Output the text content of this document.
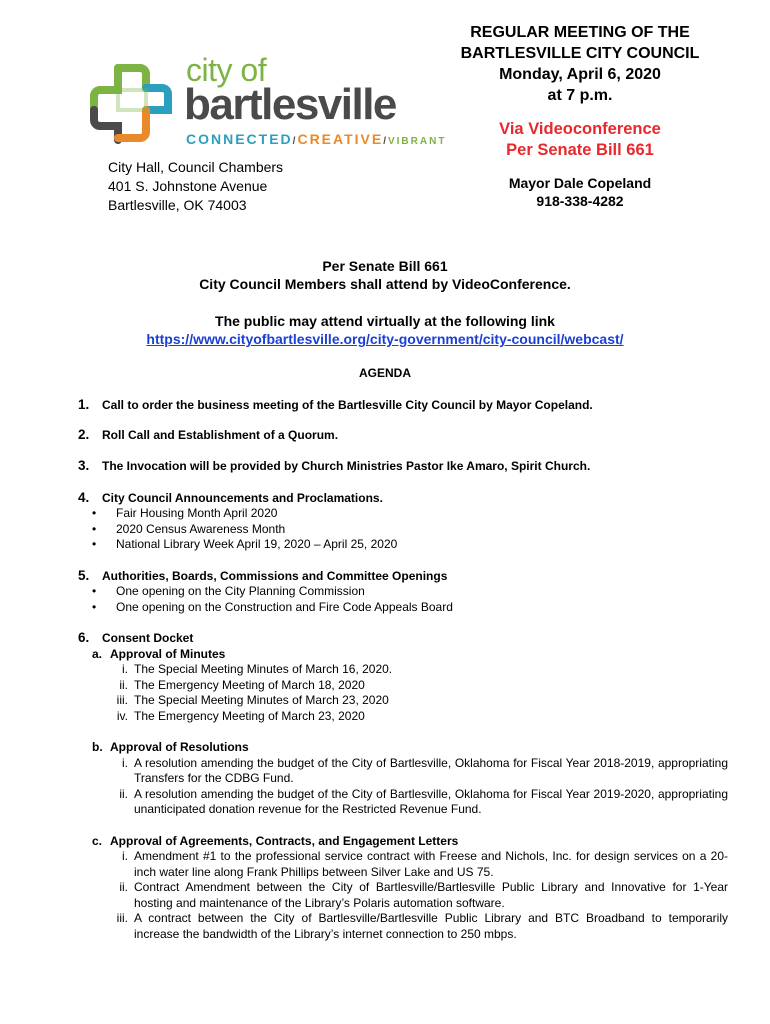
city of
bartlesville
CONNECTED/CREATIVE/VIBRANT
City Hall, Council Chambers
401 S. Johnstone Avenue
Bartlesville, OK 74003
REGULAR MEETING OF THE
BARTLESVILLE CITY COUNCIL
Monday, April 6, 2020
at 7 p.m.
Via Videoconference
Per Senate Bill 661
Mayor Dale Copeland
918-338-4282
Per Senate Bill 661
City Council Members shall attend by VideoConference.
The public may attend virtually at the following link
https://www.cityofbartlesville.org/city-government/city-council/webcast/
AGENDA
1. Call to order the business meeting of the Bartlesville City Council by Mayor Copeland.
2. Roll Call and Establishment of a Quorum.
3. The Invocation will be provided by Church Ministries Pastor Ike Amaro, Spirit Church.
4. City Council Announcements and Proclamations.
• Fair Housing Month April 2020
• 2020 Census Awareness Month
• National Library Week April 19, 2020 – April 25, 2020
5. Authorities, Boards, Commissions and Committee Openings
• One opening on the City Planning Commission
• One opening on the Construction and Fire Code Appeals Board
6. Consent Docket
a. Approval of Minutes
i. The Special Meeting Minutes of March 16, 2020.
ii. The Emergency Meeting of March 18, 2020
iii. The Special Meeting Minutes of March 23, 2020
iv. The Emergency Meeting of March 23, 2020
b. Approval of Resolutions
i. A resolution amending the budget of the City of Bartlesville, Oklahoma for Fiscal Year 2018-2019, appropriating Transfers for the CDBG Fund.
ii. A resolution amending the budget of the City of Bartlesville, Oklahoma for Fiscal Year 2019-2020, appropriating unanticipated donation revenue for the Restricted Revenue Fund.
c. Approval of Agreements, Contracts, and Engagement Letters
i. Amendment #1 to the professional service contract with Freese and Nichols, Inc. for design services on a 20-inch water line along Frank Phillips between Silver Lake and US 75.
ii. Contract Amendment between the City of Bartlesville/Bartlesville Public Library and Innovative for 1-Year hosting and maintenance of the Library’s Polaris automation software.
iii. A contract between the City of Bartlesville/Bartlesville Public Library and BTC Broadband to temporarily increase the bandwidth of the Library’s internet connection to 250 mbps.
